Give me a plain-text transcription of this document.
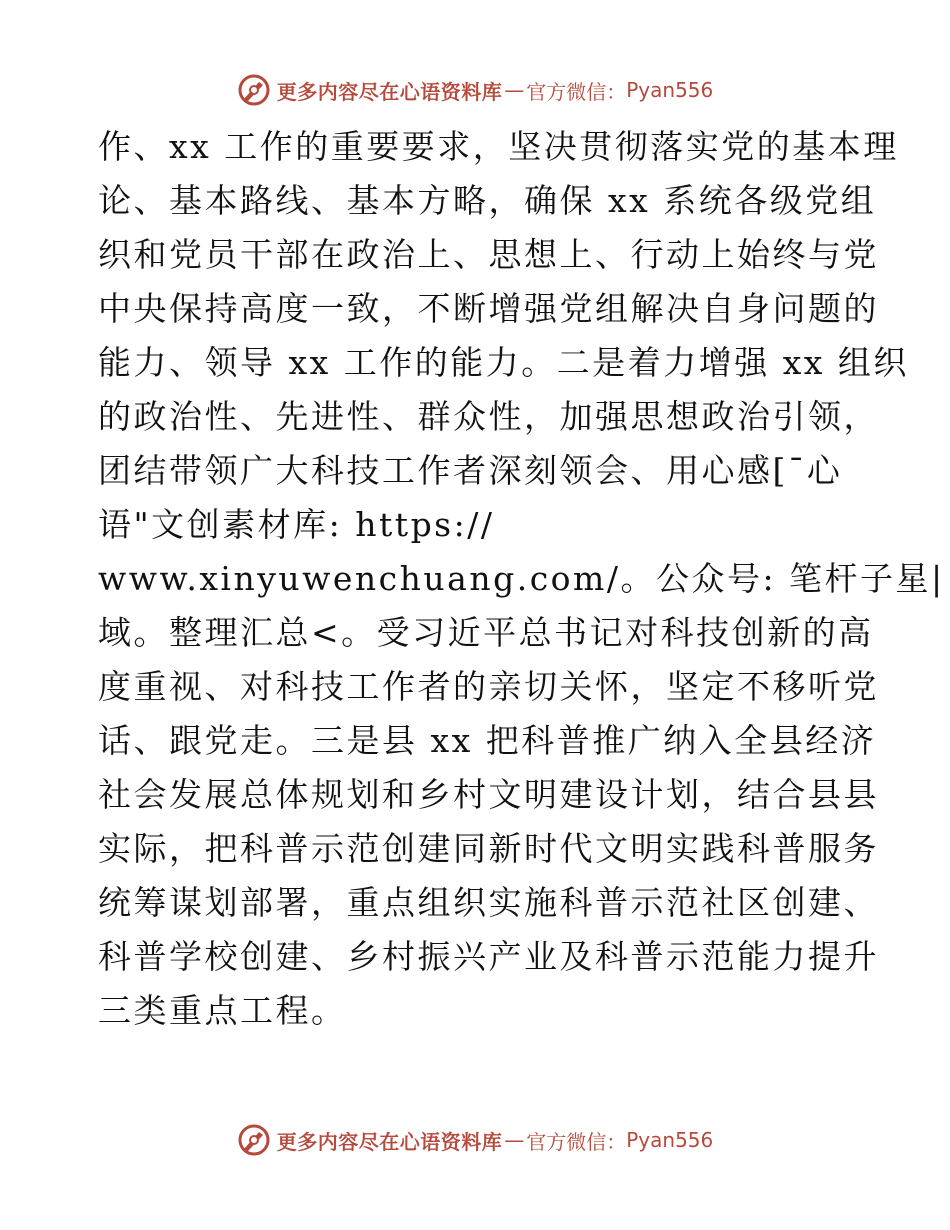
更多内容尽在心语资料库 — 官方微信： Pyan556
作、xx 工作的重要要求，坚决贯彻落实党的基本理
论、基本路线、基本方略，确保 xx 系统各级党组
织和党员干部在政治上、思想上、行动上始终与党
中央保持高度一致，不断增强党组解决自身问题的
能力、领导 xx 工作的能力。二是着力增强 xx 组织
的政治性、先进性、群众性，加强思想政治引领，
团结带领广大科技工作者深刻领会、用心感[¯心
语"文创素材库: https://
www.xinyuwenchuang.com/。公众号: 笔杆子星|
域。整理汇总<。受习近平总书记对科技创新的高
度重视、对科技工作者的亲切关怀，坚定不移听党
话、跟党走。三是县 xx 把科普推广纳入全县经济
社会发展总体规划和乡村文明建设计划，结合县县
实际，把科普示范创建同新时代文明实践科普服务
统筹谋划部署，重点组织实施科普示范社区创建、
科普学校创建、乡村振兴产业及科普示范能力提升
三类重点工程。
更多内容尽在心语资料库 — 官方微信： Pyan556
